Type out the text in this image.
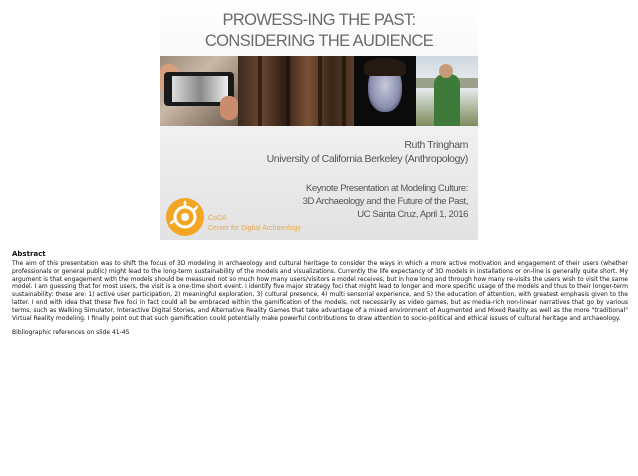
PROWESS-ING THE PAST:
CONSIDERING THE AUDIENCE
Ruth Tringham
University of California Berkeley (Anthropology)
Keynote Presentation at Modeling Culture:
3D Archaeology and the Future of the Past,
UC Santa Cruz, April 1, 2016
CoDA
Center for Digital Archaeology
Abstract

The aim of this presentation was to shift the focus of 3D modeling in archaeology and cultural heritage to consider the ways in which a more active motivation and engagement of their users (whether professionals or general public) might lead to the long-term sustainability of the models and visualizations. Currently the life expectancy of 3D models in installations or on-line is generally quite short. My argument is that engagement with the models should be measured not so much how many users/visitors a model receives, but in how long and through how many re-visits the users wish to visit the same model. I am guessing that for most users, the visit is a one-time short event. I identify five major strategy foci that might lead to longer and more specific usage of the models and thus to their longer-term sustainability: these are: 1) active user participation, 2) meaningful exploration, 3) cultural presence, 4) multi sensorial experience, and 5) the education of attention, with greatest emphasis given to the latter. I end with idea that these five foci in fact could all be embraced within the gamification of the models, not necessarily as video games, but as media-rich non-linear narratives that go by various terms, such as Walking Simulator, Interactive Digital Stories, and Alternative Reality Games that take advantage of a mixed environment of Augmented and Mixed Reality as well as the more "traditional" Virtual Reality modeling. I finally point out that such gamification could potentially make powerful contributions to draw attention to socio-political and ethical issues of cultural heritage and archaeology.

Bibliographic references on slide 41-45
